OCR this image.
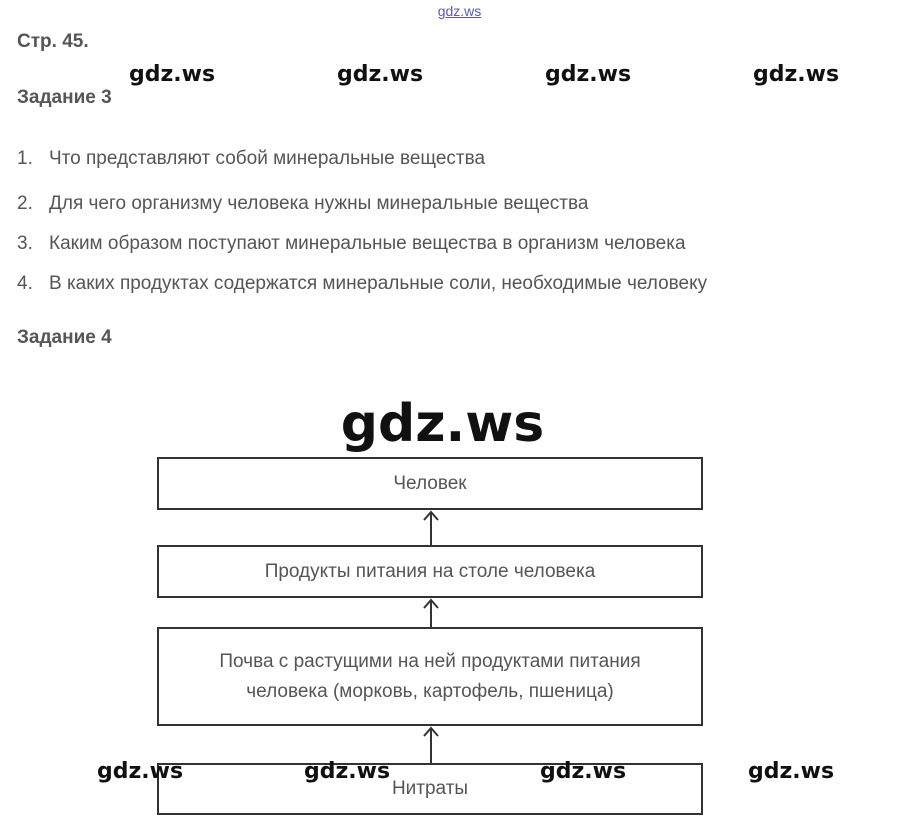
gdz.ws
Стр. 45.
Задание 3
gdz.ws	gdz.ws	gdz.ws	gdz.ws
1. Что представляют собой минеральные вещества
2. Для чего организму человека нужны минеральные вещества
3. Каким образом поступают минеральные вещества в организм человека
4. В каких продуктах содержатся минеральные соли, необходимые человеку
Задание 4
gdz.ws
Человек
Продукты питания на столе человека
Почва с растущими на ней продуктами питания человека (морковь, картофель, пшеница)
Нитраты
gdz.ws	gdz.ws	gdz.ws	gdz.ws
